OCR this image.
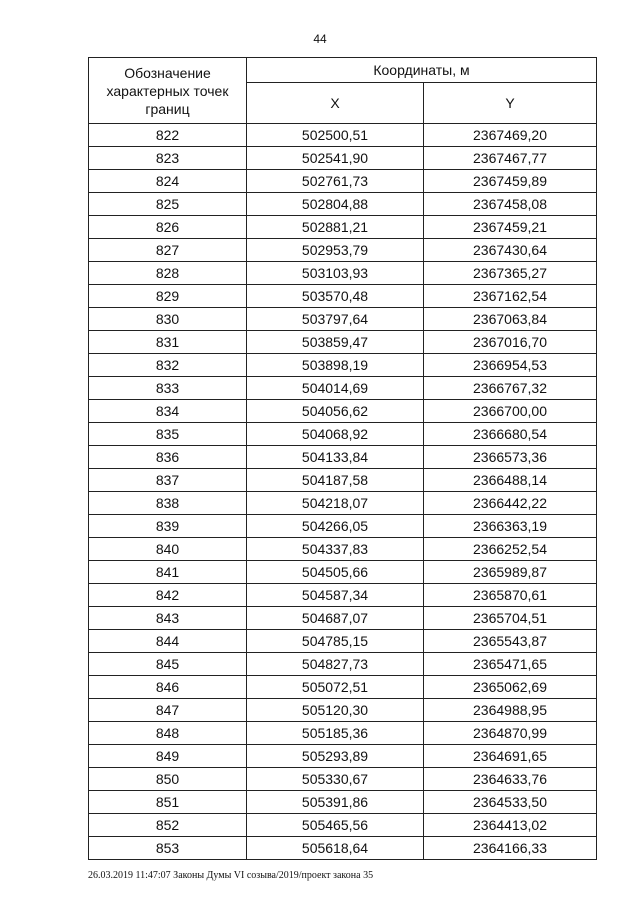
44
Обозначение
характерных точек
границ	Координаты, м	
	X	Y
822	502500,51	2367469,20
823	502541,90	2367467,77
824	502761,73	2367459,89
825	502804,88	2367458,08
826	502881,21	2367459,21
827	502953,79	2367430,64
828	503103,93	2367365,27
829	503570,48	2367162,54
830	503797,64	2367063,84
831	503859,47	2367016,70
832	503898,19	2366954,53
833	504014,69	2366767,32
834	504056,62	2366700,00
835	504068,92	2366680,54
836	504133,84	2366573,36
837	504187,58	2366488,14
838	504218,07	2366442,22
839	504266,05	2366363,19
840	504337,83	2366252,54
841	504505,66	2365989,87
842	504587,34	2365870,61
843	504687,07	2365704,51
844	504785,15	2365543,87
845	504827,73	2365471,65
846	505072,51	2365062,69
847	505120,30	2364988,95
848	505185,36	2364870,99
849	505293,89	2364691,65
850	505330,67	2364633,76
851	505391,86	2364533,50
852	505465,56	2364413,02
853	505618,64	2364166,33
26.03.2019 11:47:07 Законы Думы VI созыва/2019/проект закона 35
